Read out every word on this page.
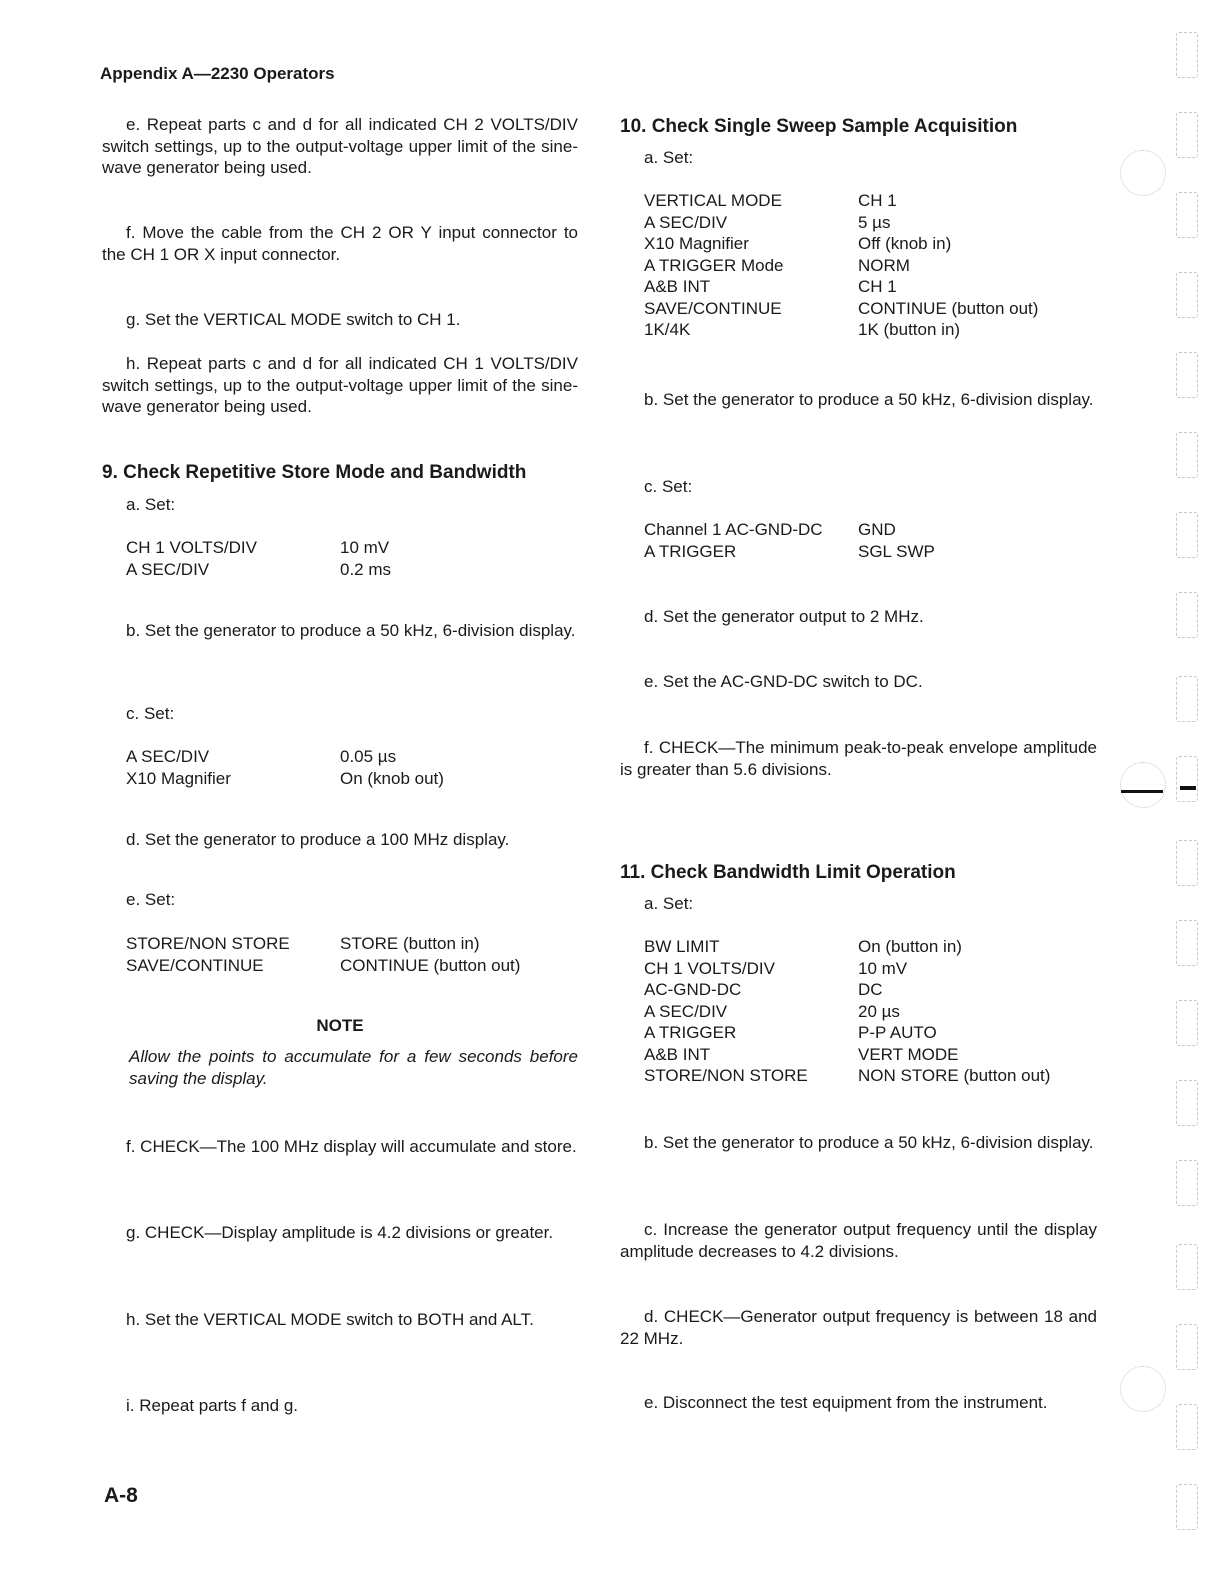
Appendix A—2230 Operators

e. Repeat parts c and d for all indicated CH 2 VOLTS/DIV switch settings, up to the output-voltage upper limit of the sine-wave generator being used.

f. Move the cable from the CH 2 OR Y input connector to the CH 1 OR X input connector.

g. Set the VERTICAL MODE switch to CH 1.

h. Repeat parts c and d for all indicated CH 1 VOLTS/DIV switch settings, up to the output-voltage upper limit of the sine-wave generator being used.

9. Check Repetitive Store Mode and Bandwidth

a. Set:

CH 1 VOLTS/DIV	10 mV
A SEC/DIV	0.2 ms

b. Set the generator to produce a 50 kHz, 6-division display.

c. Set:

A SEC/DIV	0.05 µs
X10 Magnifier	On (knob out)

d. Set the generator to produce a 100 MHz display.

e. Set:

STORE/NON STORE	STORE (button in)
SAVE/CONTINUE	CONTINUE (button out)
NOTE
Allow the points to accumulate for a few seconds before saving the display.

f. CHECK—The 100 MHz display will accumulate and store.

g. CHECK—Display amplitude is 4.2 divisions or greater.

h. Set the VERTICAL MODE switch to BOTH and ALT.

i. Repeat parts f and g.

10. Check Single Sweep Sample Acquisition

a. Set:

VERTICAL MODE	CH 1
A SEC/DIV	5 µs
X10 Magnifier	Off (knob in)
A TRIGGER Mode	NORM
A&B INT	CH 1
SAVE/CONTINUE	CONTINUE (button out)
1K/4K	1K (button in)

b. Set the generator to produce a 50 kHz, 6-division display.

c. Set:

Channel 1 AC-GND-DC	GND
A TRIGGER	SGL SWP

d. Set the generator output to 2 MHz.

e. Set the AC-GND-DC switch to DC.

f. CHECK—The minimum peak-to-peak envelope amplitude is greater than 5.6 divisions.

11. Check Bandwidth Limit Operation

a. Set:

BW LIMIT	On (button in)
CH 1 VOLTS/DIV	10 mV
AC-GND-DC	DC
A SEC/DIV	20 µs
A TRIGGER	P-P AUTO
A&B INT	VERT MODE
STORE/NON STORE	NON STORE (button out)

b. Set the generator to produce a 50 kHz, 6-division display.

c. Increase the generator output frequency until the display amplitude decreases to 4.2 divisions.

d. CHECK—Generator output frequency is between 18 and 22 MHz.

e. Disconnect the test equipment from the instrument.

A-8
